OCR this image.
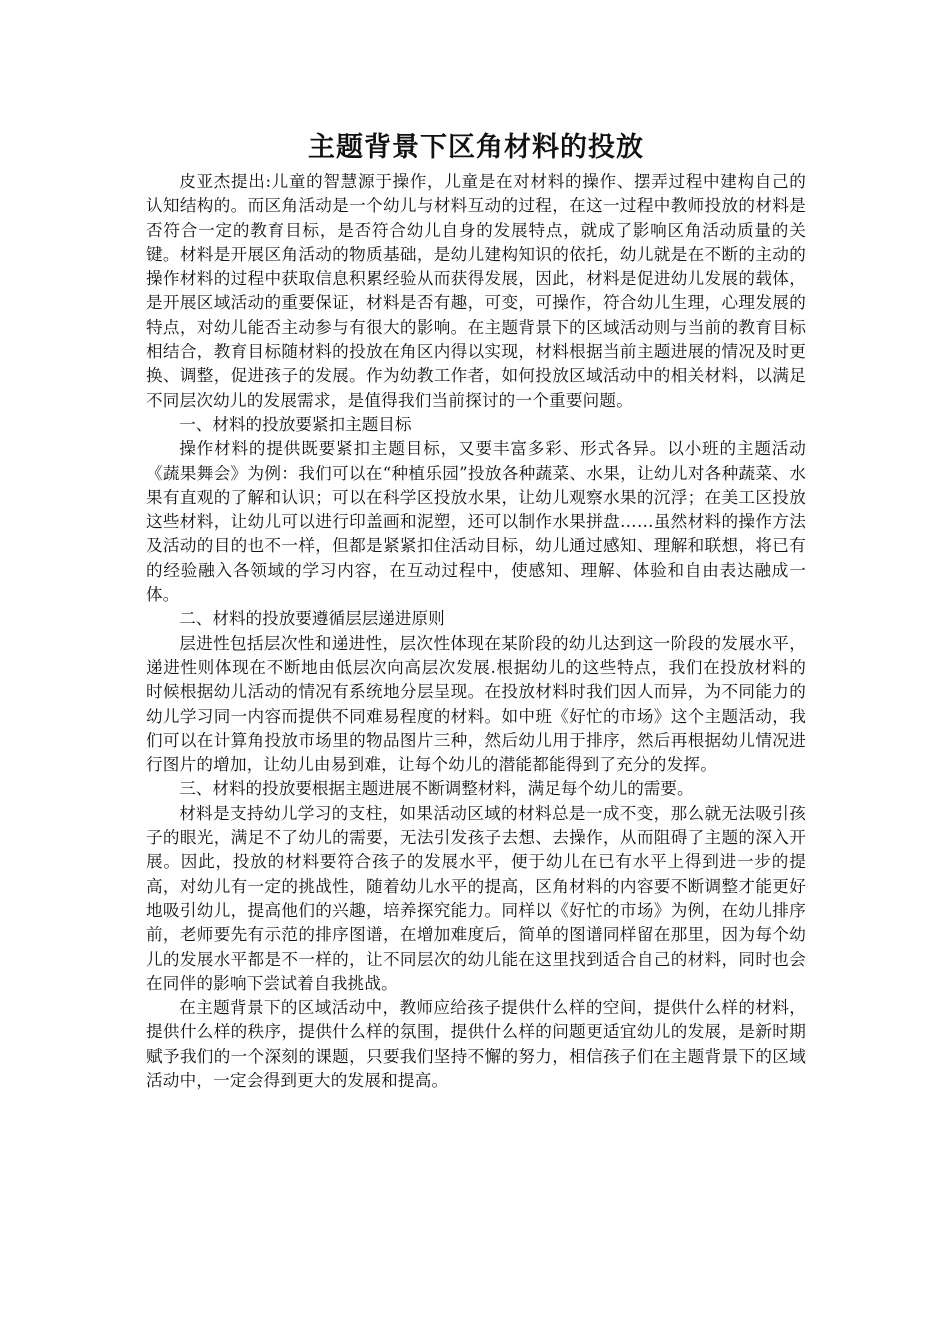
主题背景下区角材料的投放

皮亚杰提出:儿童的智慧源于操作，儿童是在对材料的操作、摆弄过程中建构自己的认知结构的。而区角活动是一个幼儿与材料互动的过程，在这一过程中教师投放的材料是否符合一定的教育目标，是否符合幼儿自身的发展特点，就成了影响区角活动质量的关键。材料是开展区角活动的物质基础，是幼儿建构知识的依托，幼儿就是在不断的主动的操作材料的过程中获取信息积累经验从而获得发展，因此，材料是促进幼儿发展的载体，是开展区域活动的重要保证，材料是否有趣，可变，可操作，符合幼儿生理，心理发展的特点，对幼儿能否主动参与有很大的影响。在主题背景下的区域活动则与当前的教育目标相结合，教育目标随材料的投放在角区内得以实现，材料根据当前主题进展的情况及时更换、调整，促进孩子的发展。作为幼教工作者，如何投放区域活动中的相关材料，以满足不同层次幼儿的发展需求，是值得我们当前探讨的一个重要问题。

一、材料的投放要紧扣主题目标

操作材料的提供既要紧扣主题目标，又要丰富多彩、形式各异。以小班的主题活动《蔬果舞会》为例：我们可以在“种植乐园”投放各种蔬菜、水果，让幼儿对各种蔬菜、水果有直观的了解和认识；可以在科学区投放水果，让幼儿观察水果的沉浮；在美工区投放这些材料，让幼儿可以进行印盖画和泥塑，还可以制作水果拼盘……虽然材料的操作方法及活动的目的也不一样，但都是紧紧扣住活动目标，幼儿通过感知、理解和联想，将已有的经验融入各领域的学习内容，在互动过程中，使感知、理解、体验和自由表达融成一体。

二、材料的投放要遵循层层递进原则

层进性包括层次性和递进性，层次性体现在某阶段的幼儿达到这一阶段的发展水平，递进性则体现在不断地由低层次向高层次发展.根据幼儿的这些特点，我们在投放材料的时候根据幼儿活动的情况有系统地分层呈现。在投放材料时我们因人而异，为不同能力的幼儿学习同一内容而提供不同难易程度的材料。如中班《好忙的市场》这个主题活动，我们可以在计算角投放市场里的物品图片三种，然后幼儿用于排序，然后再根据幼儿情况进行图片的增加，让幼儿由易到难，让每个幼儿的潜能都能得到了充分的发挥。

三、材料的投放要根据主题进展不断调整材料，满足每个幼儿的需要。

材料是支持幼儿学习的支柱，如果活动区域的材料总是一成不变，那么就无法吸引孩子的眼光，满足不了幼儿的需要，无法引发孩子去想、去操作，从而阻碍了主题的深入开展。因此，投放的材料要符合孩子的发展水平，便于幼儿在已有水平上得到进一步的提高，对幼儿有一定的挑战性，随着幼儿水平的提高，区角材料的内容要不断调整才能更好地吸引幼儿，提高他们的兴趣，培养探究能力。同样以《好忙的市场》为例，在幼儿排序前，老师要先有示范的排序图谱，在增加难度后，简单的图谱同样留在那里，因为每个幼儿的发展水平都是不一样的，让不同层次的幼儿能在这里找到适合自己的材料，同时也会在同伴的影响下尝试着自我挑战。

在主题背景下的区域活动中，教师应给孩子提供什么样的空间，提供什么样的材料，提供什么样的秩序，提供什么样的氛围，提供什么样的问题更适宜幼儿的发展，是新时期赋予我们的一个深刻的课题，只要我们坚持不懈的努力，相信孩子们在主题背景下的区域活动中，一定会得到更大的发展和提高。
